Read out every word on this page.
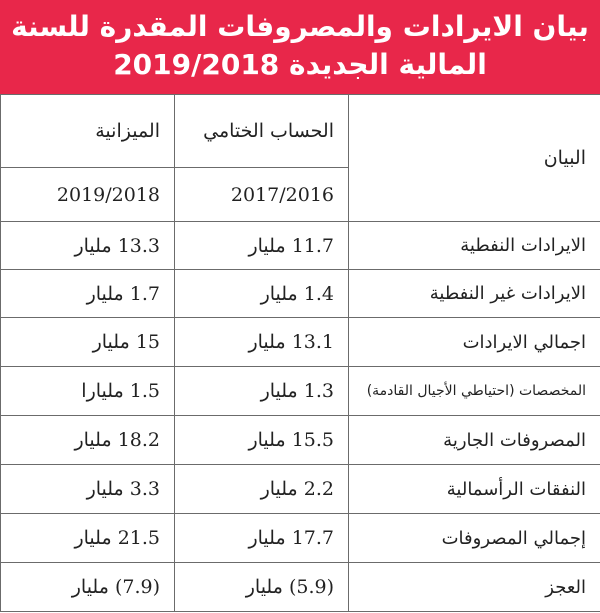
بيان الايرادات والمصروفات المقدرة للسنة
المالية الجديدة 2019/2018
البيان	الحساب الختامي	الميزانية
	2017/2016	2019/2018
الايرادات النفطية	11.7 مليار	13.3 مليار
الايرادات غير النفطية	1.4 مليار	1.7 مليار
اجمالي الايرادات	13.1 مليار	15 مليار
المخصصات (احتياطي الأجيال القادمة)	1.3 مليار	1.5 مليارا
المصروفات الجارية	15.5 مليار	18.2 مليار
النفقات الرأسمالية	2.2 مليار	3.3 مليار
إجمالي المصروفات	17.7 مليار	21.5 مليار
العجز	(5.9) مليار	(7.9) مليار
